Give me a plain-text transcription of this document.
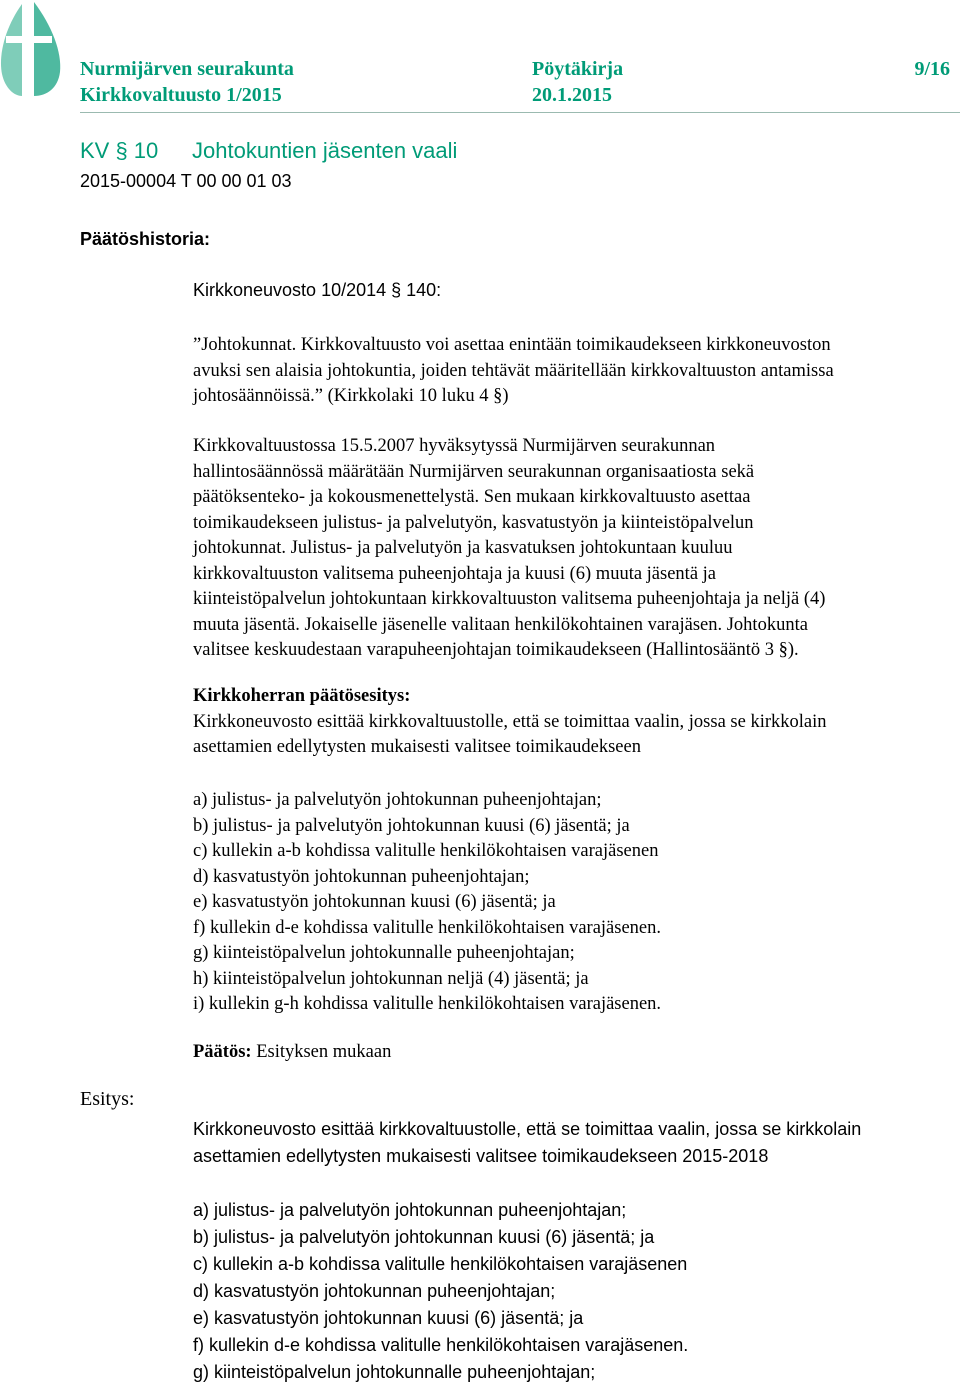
Nurmijärven seurakunta	Pöytäkirja	9/16
Kirkkovaltuusto 1/2015	20.1.2015
KV § 10 Johtokuntien jäsenten vaali
2015-00004 T 00 00 01 03
Päätöshistoria:
Kirkkoneuvosto 10/2014 § 140:
”Johtokunnat. Kirkkovaltuusto voi asettaa enintään toimikaudekseen kirkkoneuvoston
avuksi sen alaisia johtokuntia, joiden tehtävät määritellään kirkkovaltuuston antamissa
johtosäännöissä.” (Kirkkolaki 10 luku 4 §)
Kirkkovaltuustossa 15.5.2007 hyväksytyssä Nurmijärven seurakunnan
hallintosäännössä määrätään Nurmijärven seurakunnan organisaatiosta sekä
päätöksenteko- ja kokousmenettelystä. Sen mukaan kirkkovaltuusto asettaa
toimikaudekseen julistus- ja palvelutyön, kasvatustyön ja kiinteistöpalvelun
johtokunnat. Julistus- ja palvelutyön ja kasvatuksen johtokuntaan kuuluu
kirkkovaltuuston valitsema puheenjohtaja ja kuusi (6) muuta jäsentä ja
kiinteistöpalvelun johtokuntaan kirkkovaltuuston valitsema puheenjohtaja ja neljä (4)
muuta jäsentä. Jokaiselle jäsenelle valitaan henkilökohtainen varajäsen. Johtokunta
valitsee keskuudestaan varapuheenjohtajan toimikaudekseen (Hallintosääntö 3 §).
Kirkkoherran päätösesitys:
Kirkkoneuvosto esittää kirkkovaltuustolle, että se toimittaa vaalin, jossa se kirkkolain
asettamien edellytysten mukaisesti valitsee toimikaudekseen
a) julistus- ja palvelutyön johtokunnan puheenjohtajan;
b) julistus- ja palvelutyön johtokunnan kuusi (6) jäsentä; ja
c) kullekin a-b kohdissa valitulle henkilökohtaisen varajäsenen
d) kasvatustyön johtokunnan puheenjohtajan;
e) kasvatustyön johtokunnan kuusi (6) jäsentä; ja
f) kullekin d-e kohdissa valitulle henkilökohtaisen varajäsenen.
g) kiinteistöpalvelun johtokunnalle puheenjohtajan;
h) kiinteistöpalvelun johtokunnan neljä (4) jäsentä; ja
i) kullekin g-h kohdissa valitulle henkilökohtaisen varajäsenen.
Päätös: Esityksen mukaan
Esitys:
Kirkkoneuvosto esittää kirkkovaltuustolle, että se toimittaa vaalin, jossa se kirkkolain
asettamien edellytysten mukaisesti valitsee toimikaudekseen 2015-2018
a) julistus- ja palvelutyön johtokunnan puheenjohtajan;
b) julistus- ja palvelutyön johtokunnan kuusi (6) jäsentä; ja
c) kullekin a-b kohdissa valitulle henkilökohtaisen varajäsenen
d) kasvatustyön johtokunnan puheenjohtajan;
e) kasvatustyön johtokunnan kuusi (6) jäsentä; ja
f) kullekin d-e kohdissa valitulle henkilökohtaisen varajäsenen.
g) kiinteistöpalvelun johtokunnalle puheenjohtajan;
